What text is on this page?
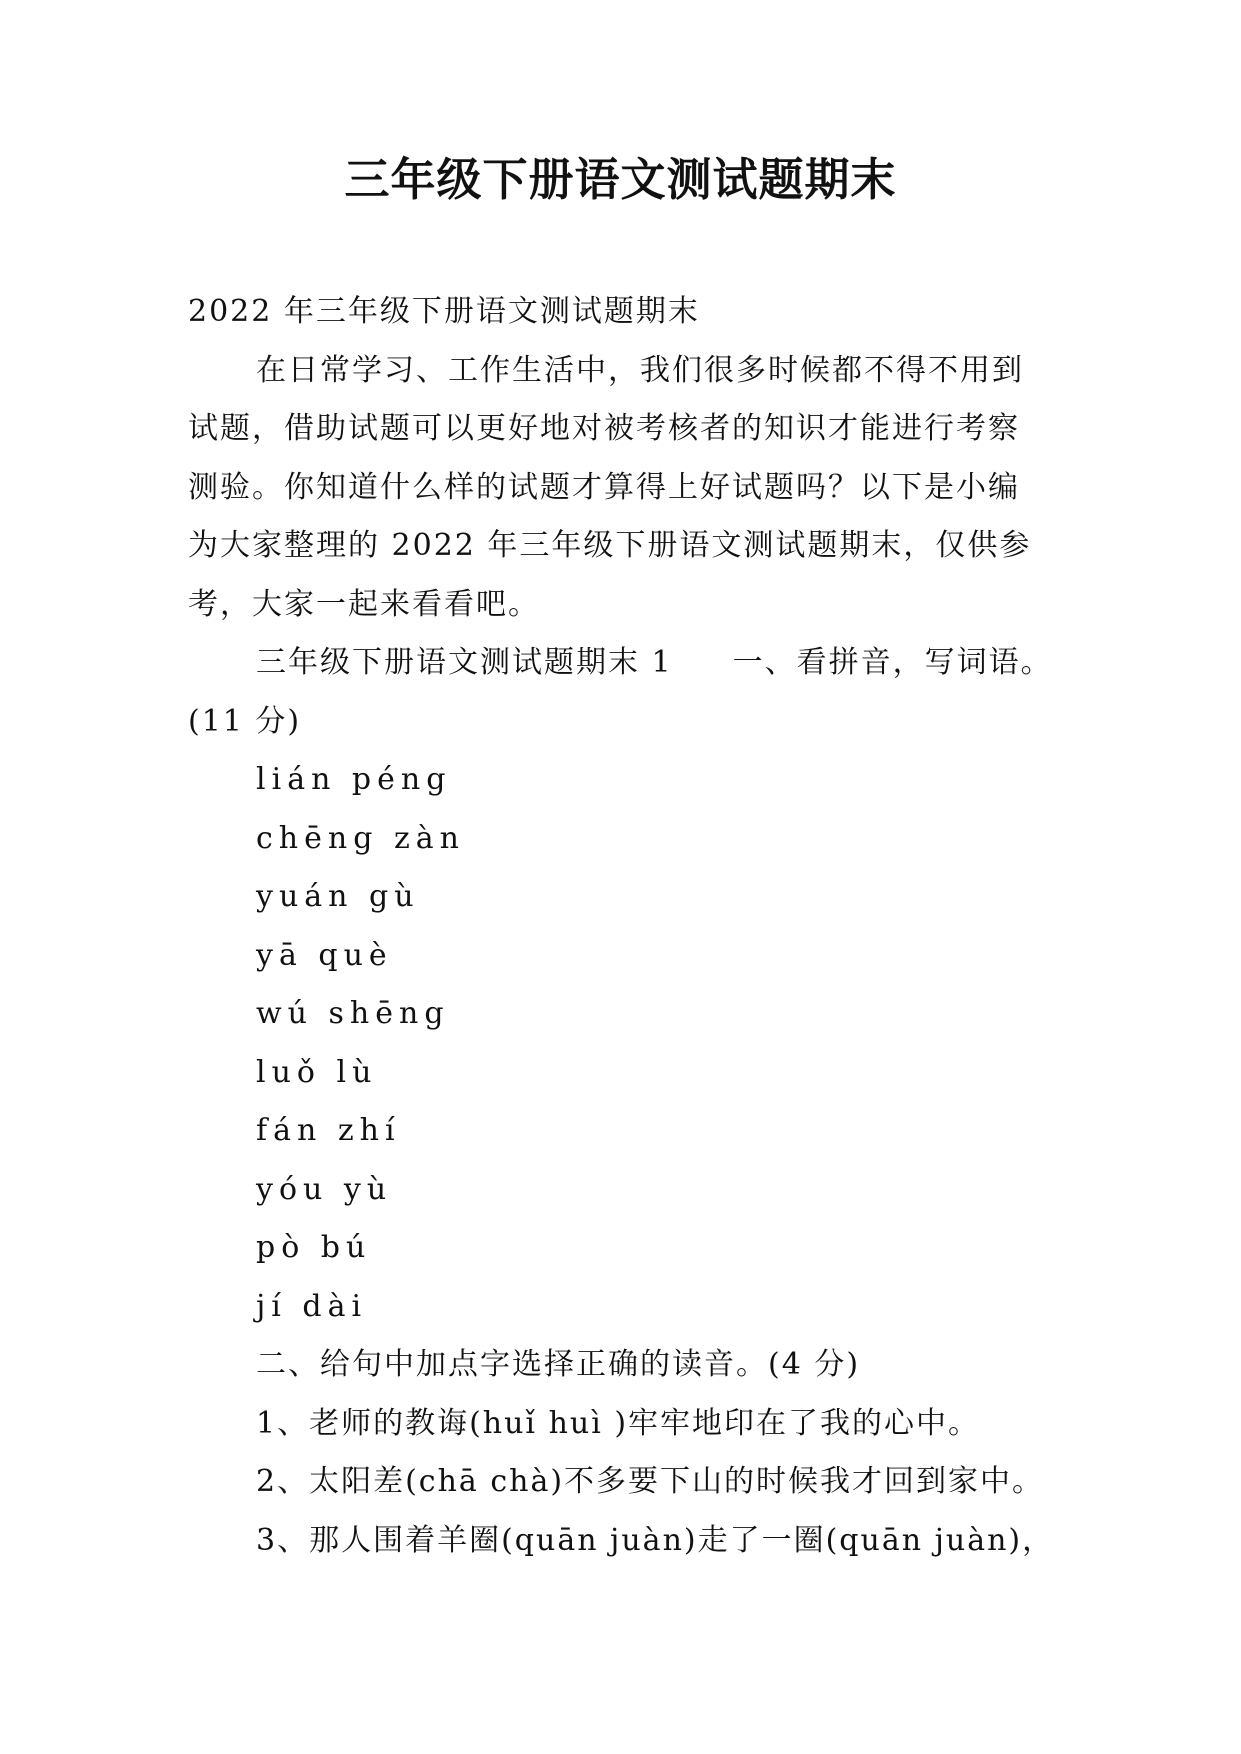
三年级下册语文测试题期末
2022 年三年级下册语文测试题期末
在日常学习、工作生活中，我们很多时候都不得不用到
试题，借助试题可以更好地对被考核者的知识才能进行考察
测验。你知道什么样的试题才算得上好试题吗？以下是小编
为大家整理的 2022 年三年级下册语文测试题期末，仅供参
考，大家一起来看看吧。
三年级下册语文测试题期末 1 一、看拼音，写词语。
(11 分)
lián péng
chēng zàn
yuán gù
yā què
wú shēng
luǒ lù
fán zhí
yóu yù
pò bú
jí dài
二、给句中加点字选择正确的读音。(4 分)
1、老师的教诲(huǐ huì )牢牢地印在了我的心中。
2、太阳差(chā chà)不多要下山的时候我才回到家中。
3、那人围着羊圈(quān juàn)走了一圈(quān juàn)，
